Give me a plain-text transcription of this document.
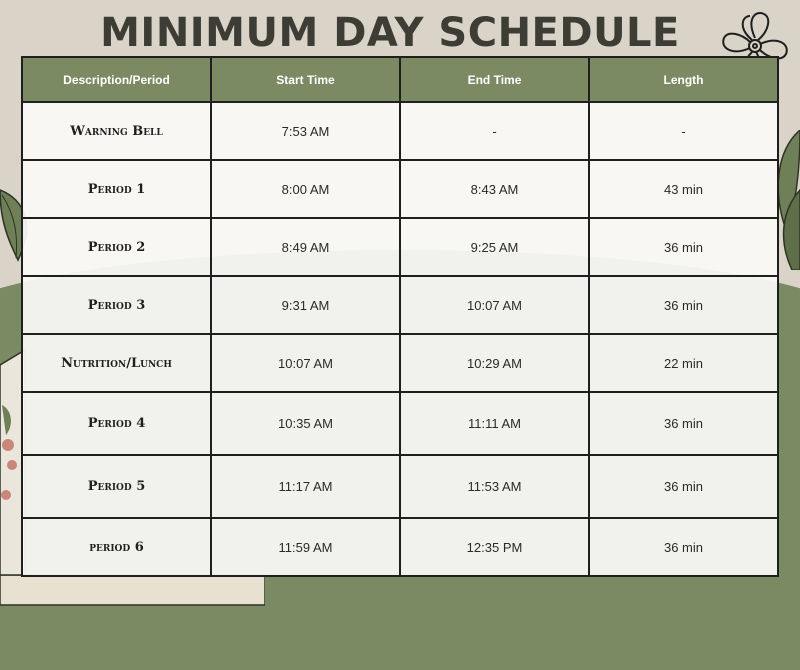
MINIMUM DAY SCHEDULE
Description/Period	Start Time	End Time	Length
Warning Bell	7:53 AM	-	-
Period 1	8:00 AM	8:43 AM	43 min
Period 2	8:49 AM	9:25 AM	36 min
Period 3	9:31 AM	10:07 AM	36 min
Nutrition/Lunch	10:07 AM	10:29 AM	22 min
Period 4	10:35 AM	11:11 AM	36 min
Period 5	11:17 AM	11:53 AM	36 min
period 6	11:59 AM	12:35 PM	36 min
